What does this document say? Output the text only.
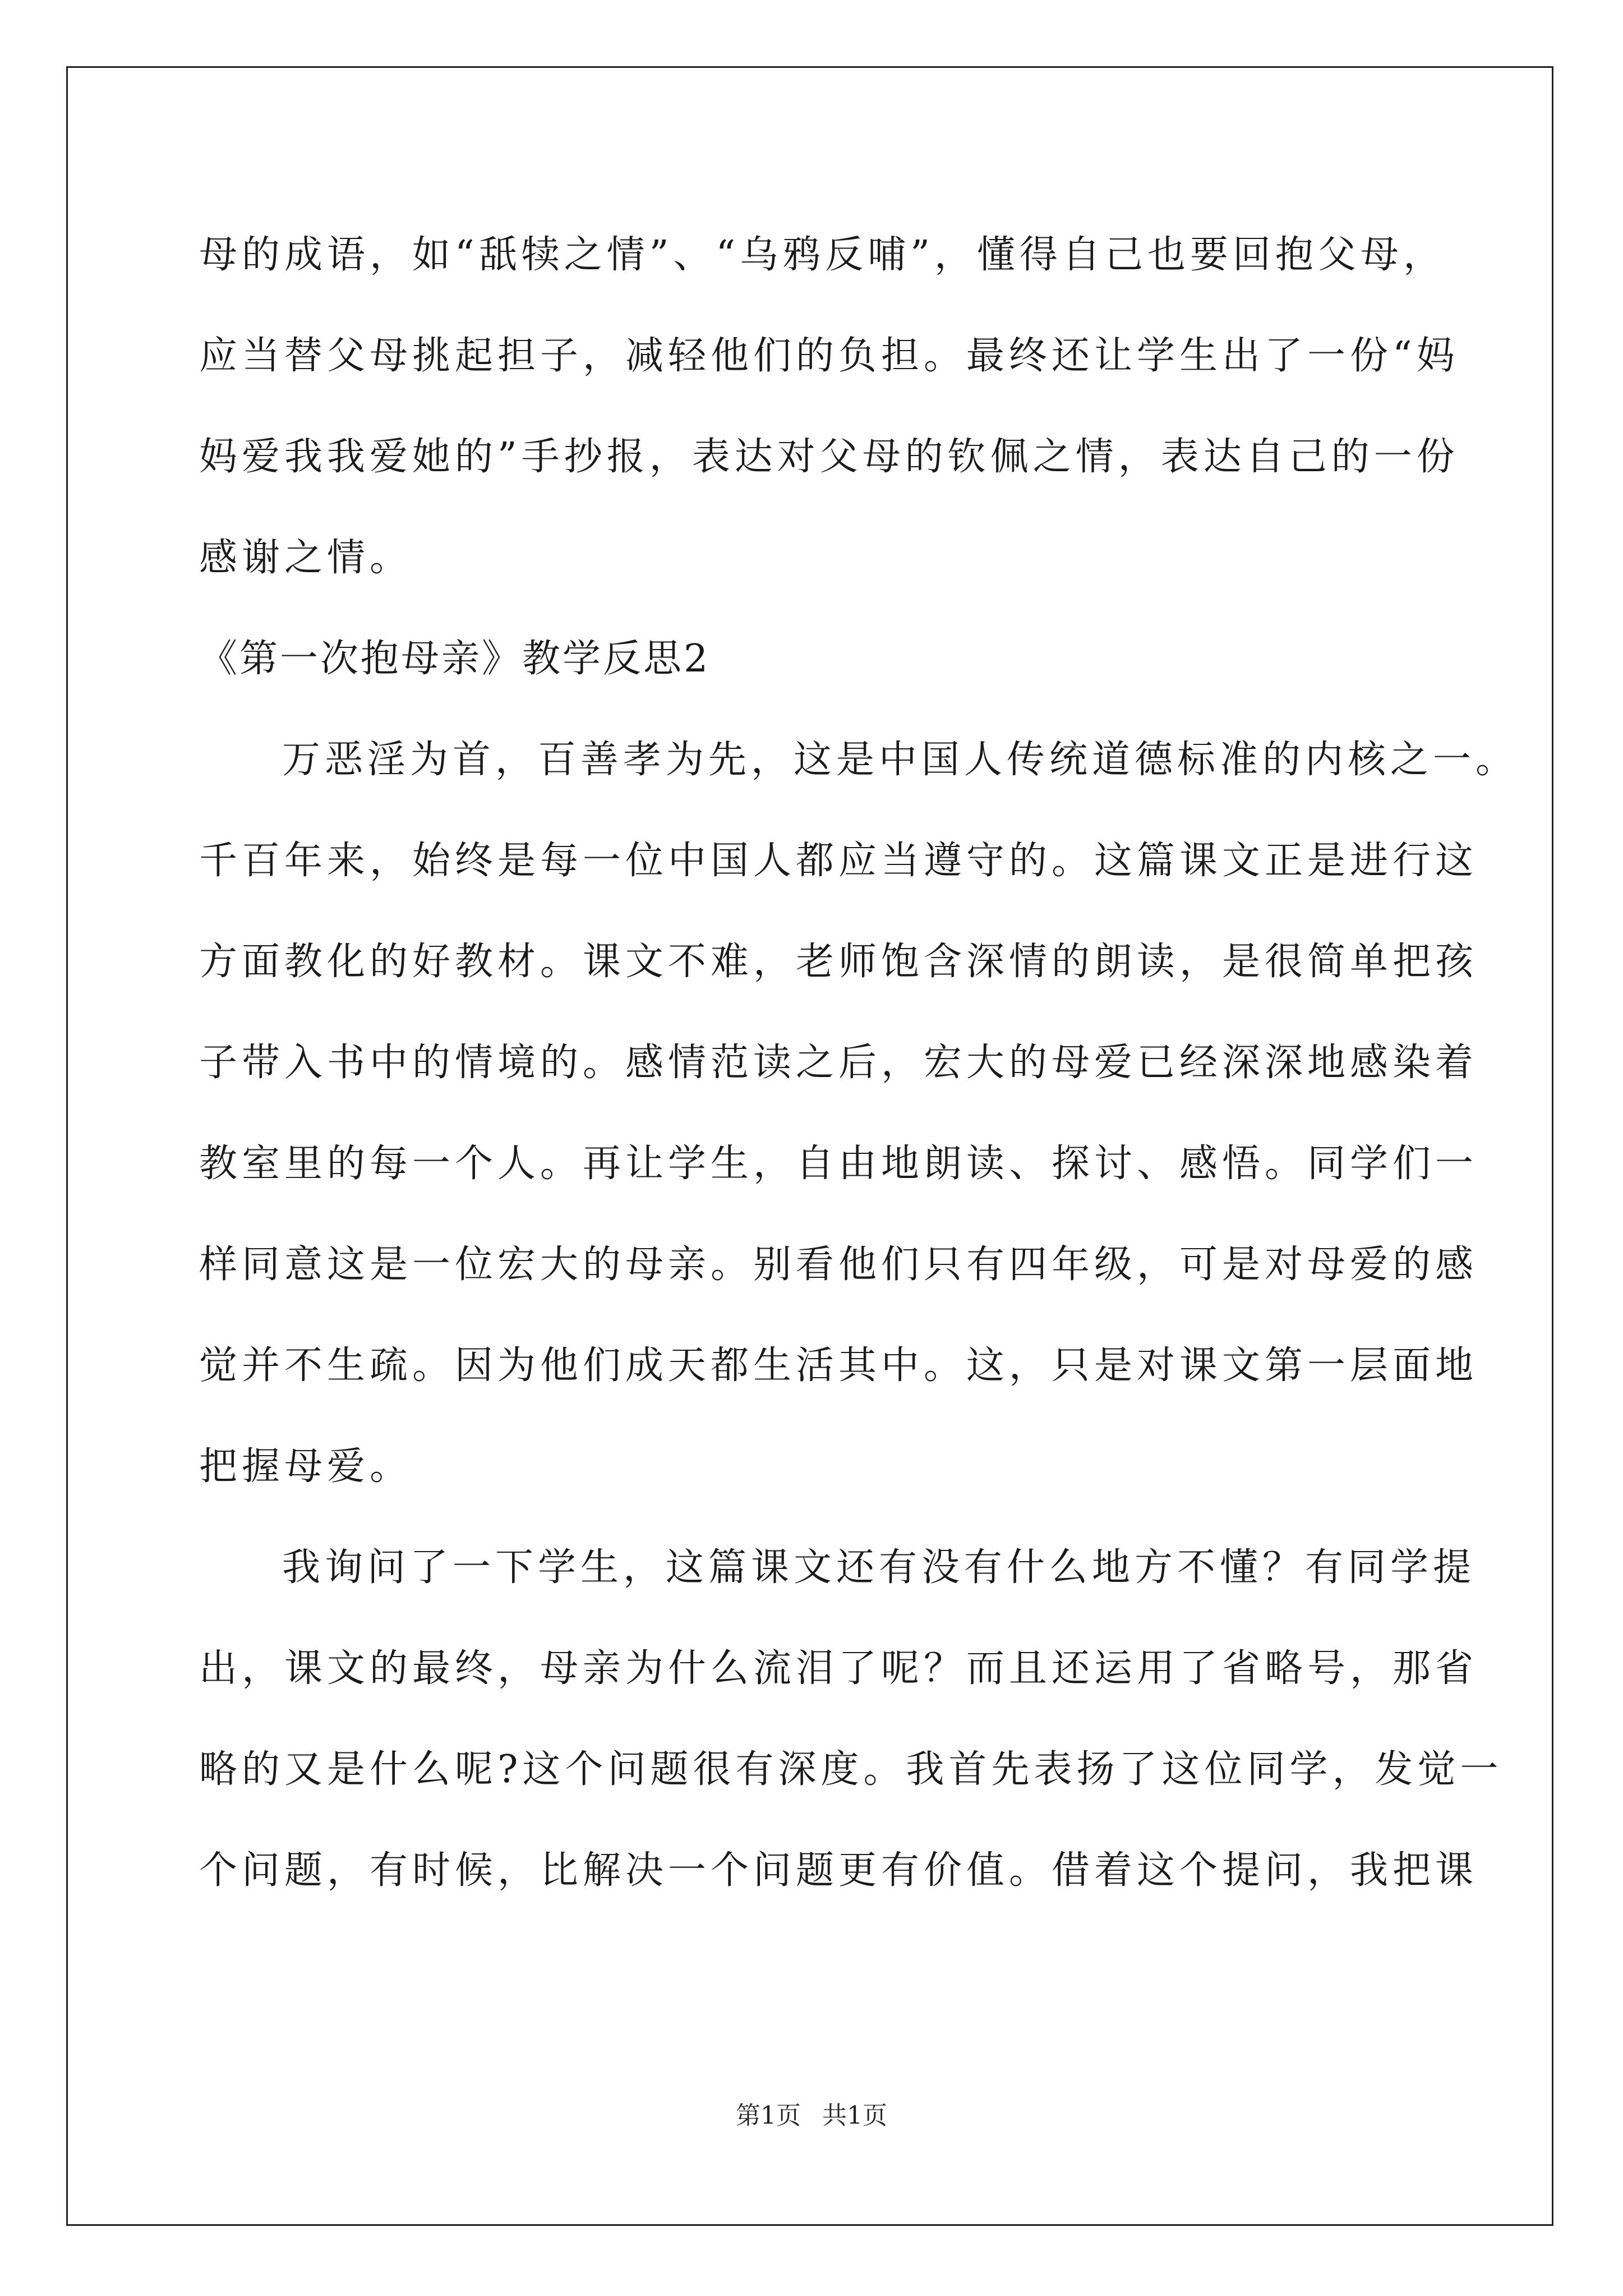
母的成语，如“舐犊之情”、“乌鸦反哺”，懂得自己也要回抱父母，
应当替父母挑起担子，减轻他们的负担。最终还让学生出了一份“妈
妈爱我我爱她的”手抄报，表达对父母的钦佩之情，表达自己的一份
感谢之情。
《第一次抱母亲》教学反思2
万恶淫为首，百善孝为先，这是中国人传统道德标准的内核之一。
千百年来，始终是每一位中国人都应当遵守的。这篇课文正是进行这
方面教化的好教材。课文不难，老师饱含深情的朗读，是很简单把孩
子带入书中的情境的。感情范读之后，宏大的母爱已经深深地感染着
教室里的每一个人。再让学生，自由地朗读、探讨、感悟。同学们一
样同意这是一位宏大的母亲。别看他们只有四年级，可是对母爱的感
觉并不生疏。因为他们成天都生活其中。这，只是对课文第一层面地
把握母爱。
我询问了一下学生，这篇课文还有没有什么地方不懂？有同学提
出，课文的最终，母亲为什么流泪了呢？而且还运用了省略号，那省
略的又是什么呢?这个问题很有深度。我首先表扬了这位同学，发觉一
个问题，有时候，比解决一个问题更有价值。借着这个提问，我把课
第1页 共1页
